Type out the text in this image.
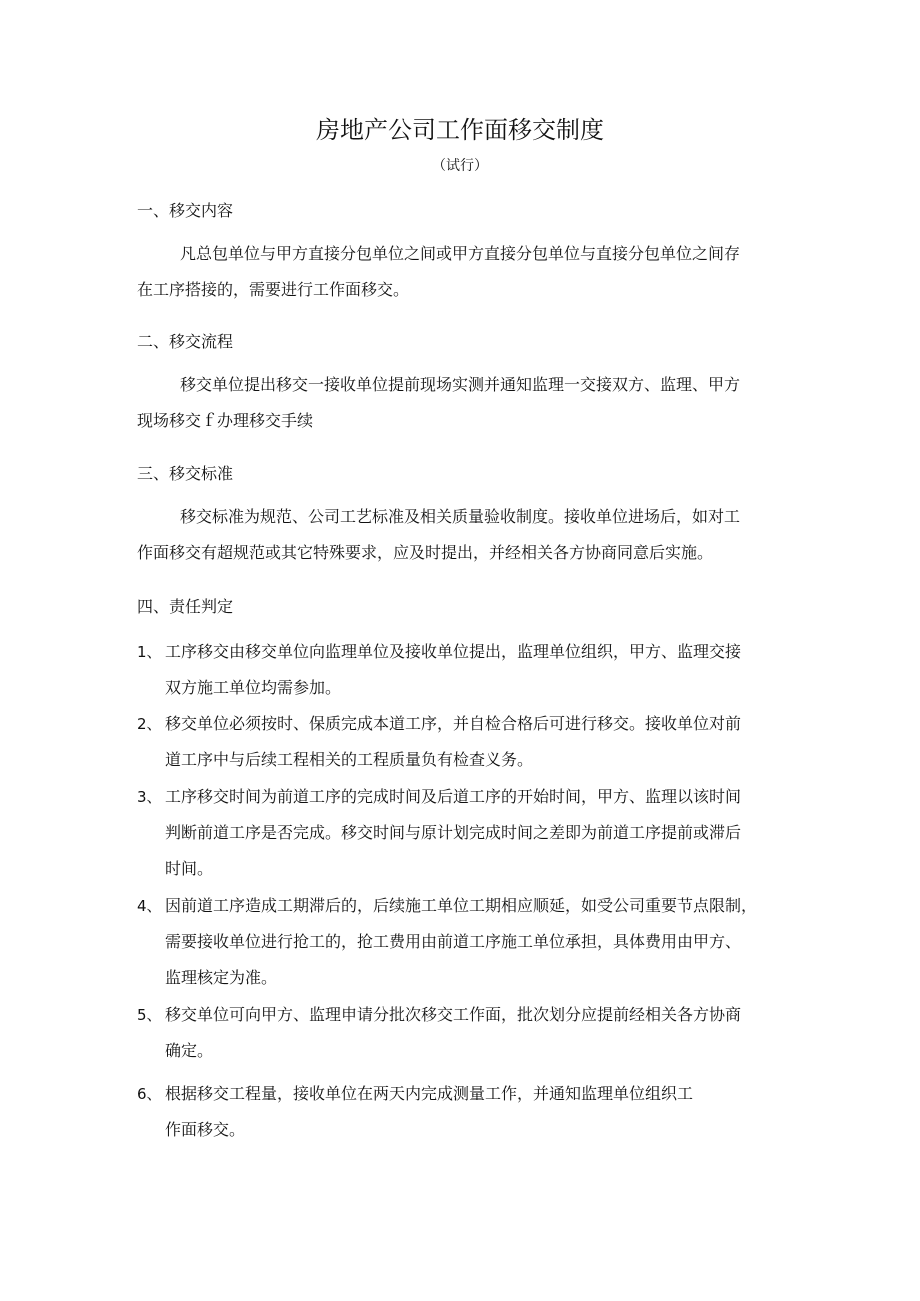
房地产公司工作面移交制度
（试行）
一、移交内容

凡总包单位与甲方直接分包单位之间或甲方直接分包单位与直接分包单位之间存
在工序搭接的，需要进行工作面移交。

二、移交流程

移交单位提出移交一接收单位提前现场实测并通知监理一交接双方、监理、甲方
现场移交ｆ办理移交手续

三、移交标准

移交标准为规范、公司工艺标准及相关质量验收制度。接收单位进场后，如对工
作面移交有超规范或其它特殊要求，应及时提出，并经相关各方协商同意后实施。

四、责任判定
1、 工序移交由移交单位向监理单位及接收单位提出，监理单位组织，甲方、监理交接
双方施工单位均需参加。
2、 移交单位必须按时、保质完成本道工序，并自检合格后可进行移交。接收单位对前
道工序中与后续工程相关的工程质量负有检查义务。
3、 工序移交时间为前道工序的完成时间及后道工序的开始时间，甲方、监理以该时间
判断前道工序是否完成。移交时间与原计划完成时间之差即为前道工序提前或滞后
时间。
4、 因前道工序造成工期滞后的，后续施工单位工期相应顺延，如受公司重要节点限制，
需要接收单位进行抢工的，抢工费用由前道工序施工单位承担，具体费用由甲方、
监理核定为准。
5、 移交单位可向甲方、监理申请分批次移交工作面，批次划分应提前经相关各方协商
确定。
6、 根据移交工程量，接收单位在两天内完成测量工作，并通知监理单位组织工
作面移交。
